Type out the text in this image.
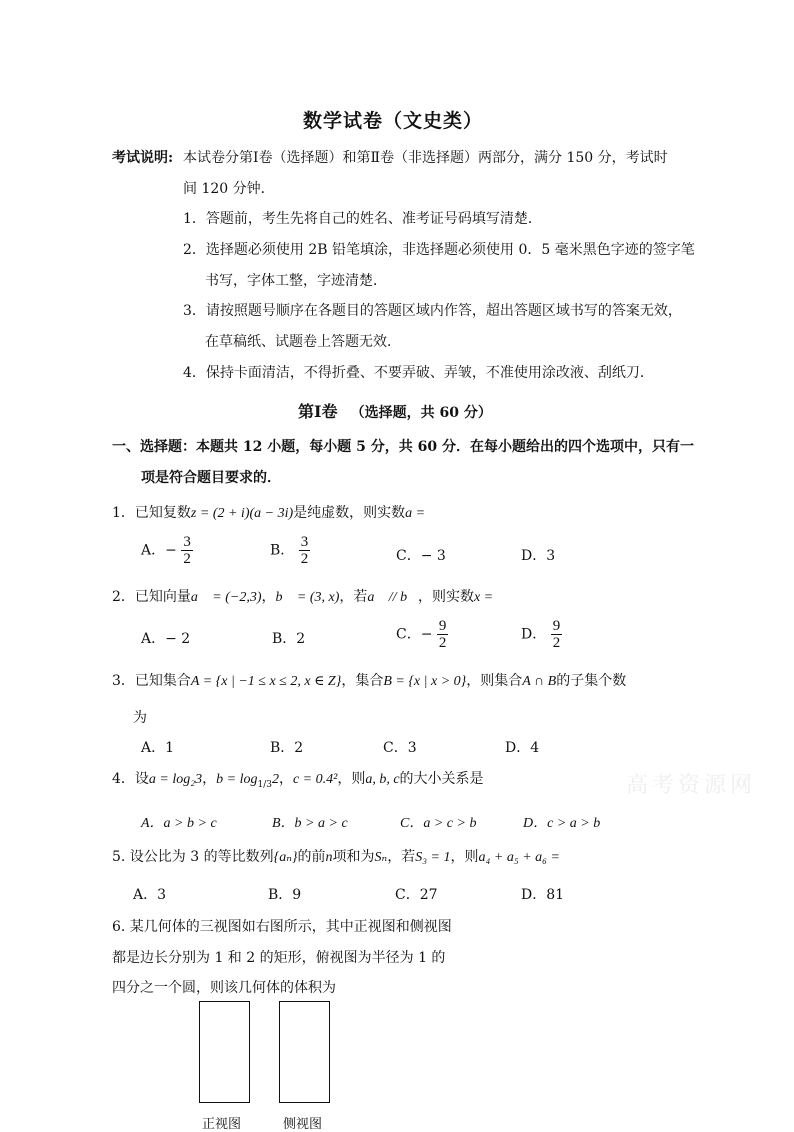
数学试卷（文史类）
考试说明: 本试卷分第Ⅰ卷（选择题）和第Ⅱ卷（非选择题）两部分，满分 150 分，考试时
间 120 分钟．
1．答题前，考生先将自己的姓名、准考证号码填写清楚．
2．选择题必须使用 2B 铅笔填涂，非选择题必须使用 0．5 毫米黑色字迹的签字笔
书写，字体工整，字迹清楚．
3．请按照题号顺序在各题目的答题区域内作答，超出答题区域书写的答案无效，
在草稿纸、试题卷上答题无效．
4．保持卡面清洁，不得折叠、不要弄破、弄皱，不准使用涂改液、刮纸刀．
第Ⅰ卷 （选择题，共 60 分）
一、选择题：本题共 12 小题，每小题 5 分，共 60 分．在每小题给出的四个选项中，只有一
项是符合题目要求的．
1．已知复数z = (2 + i)(a − 3i)是纯虚数，则实数a =
A．− $\frac{3}{2}$	B． $\frac{3}{2}$	C．− 3	D．3
2．已知向量a⃗ = (−2,3)，b⃗ = (3, x)，若a⃗ // b⃗，则实数x =
A．− 2	B．2	C．− $\frac{9}{2}$	D． $\frac{9}{2}$
3．已知集合A = {x | −1 ≤ x ≤ 2, x ∈ Z}，集合B = {x | x > 0}，则集合A ∩ B的子集个数
为
A．1	B．2	C．3	D．4
4．设a = log₂3，$b = \log_{1/3}2$，c = 0.4²，则a, b, c的大小关系是	高考资源网
A．a > b > c	B．b > a > c	C．a > c > b	D．c > a > b
5. 设公比为 3 的等比数列{aₙ}的前n项和为Sₙ，若S₃ = 1，则a₄ + a₅ + a₆ =
A．3	B．9	C．27	D．81
6. 某几何体的三视图如右图所示，其中正视图和侧视图
都是边长分别为 1 和 2 的矩形，俯视图为半径为 1 的
四分之一个圆，则该几何体的体积为
正视图	侧视图
